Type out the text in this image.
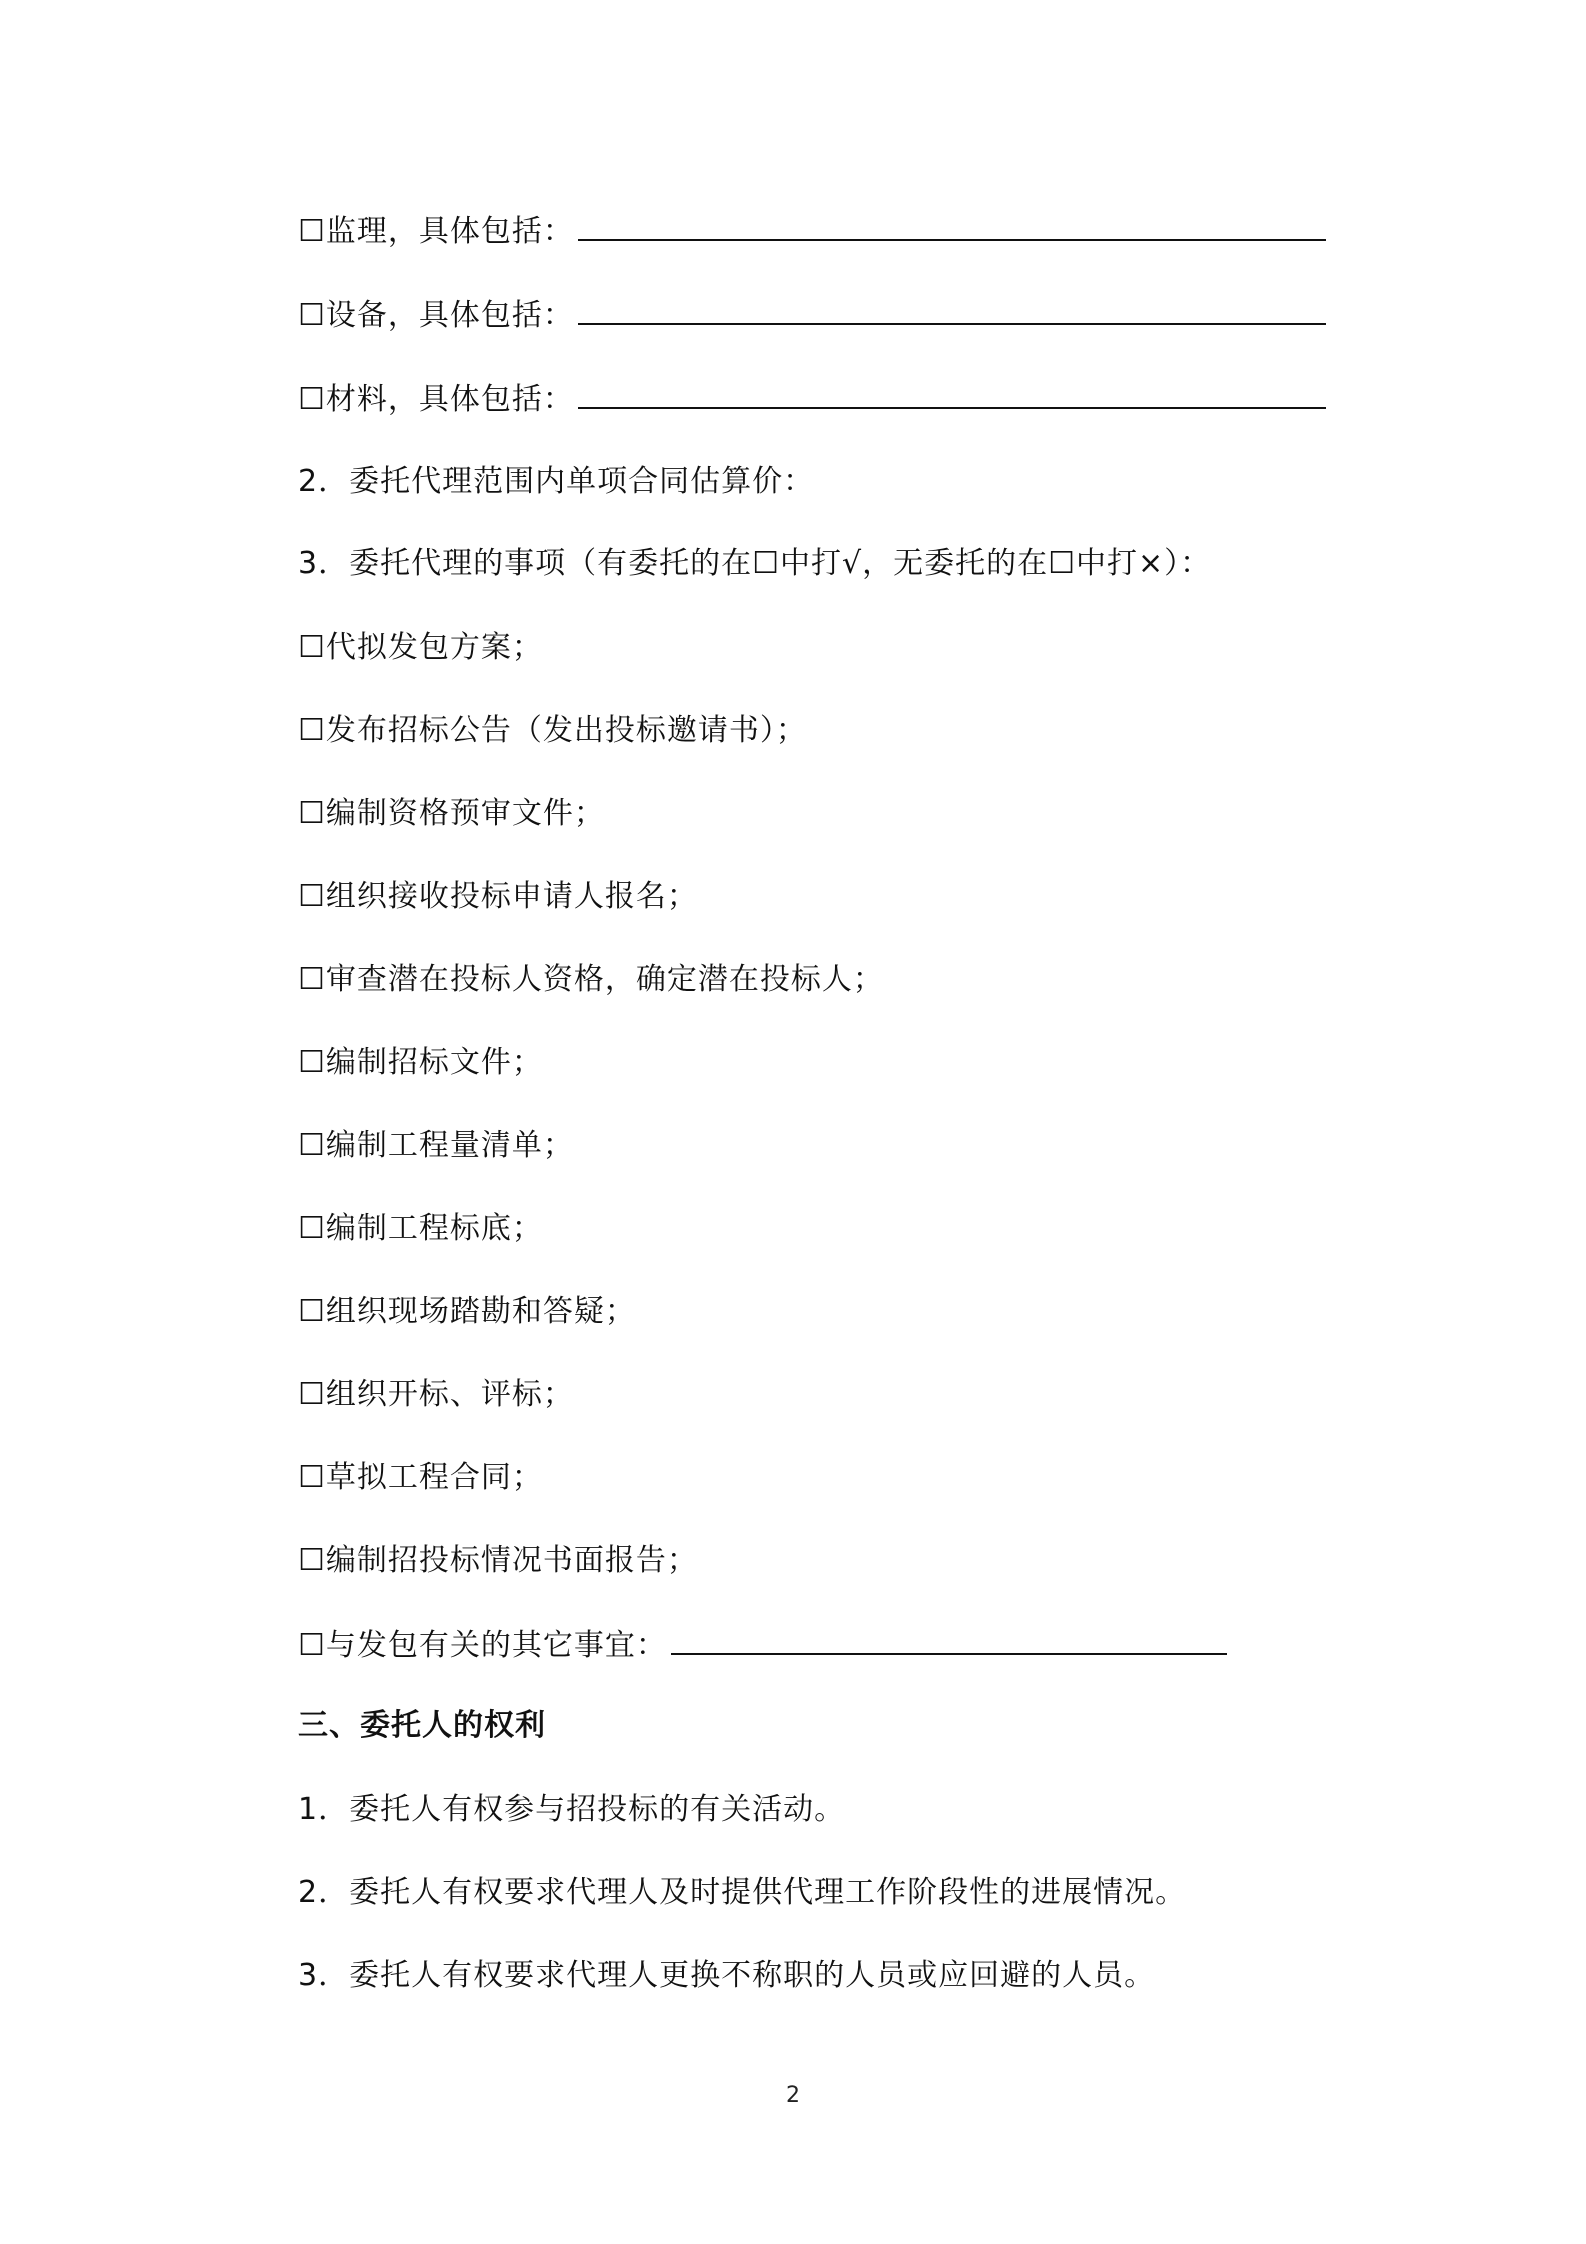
☐监理，具体包括：
☐设备，具体包括：
☐材料，具体包括：
2．委托代理范围内单项合同估算价：
3．委托代理的事项（有委托的在☐中打√，无委托的在☐中打×）：
☐代拟发包方案；
☐发布招标公告（发出投标邀请书）；
☐编制资格预审文件；
☐组织接收投标申请人报名；
☐审查潜在投标人资格，确定潜在投标人；
☐编制招标文件；
☐编制工程量清单；
☐编制工程标底；
☐组织现场踏勘和答疑；
☐组织开标、评标；
☐草拟工程合同；
☐编制招投标情况书面报告；
☐与发包有关的其它事宜：
三、委托人的权利
1．委托人有权参与招投标的有关活动。
2．委托人有权要求代理人及时提供代理工作阶段性的进展情况。
3．委托人有权要求代理人更换不称职的人员或应回避的人员。
2
